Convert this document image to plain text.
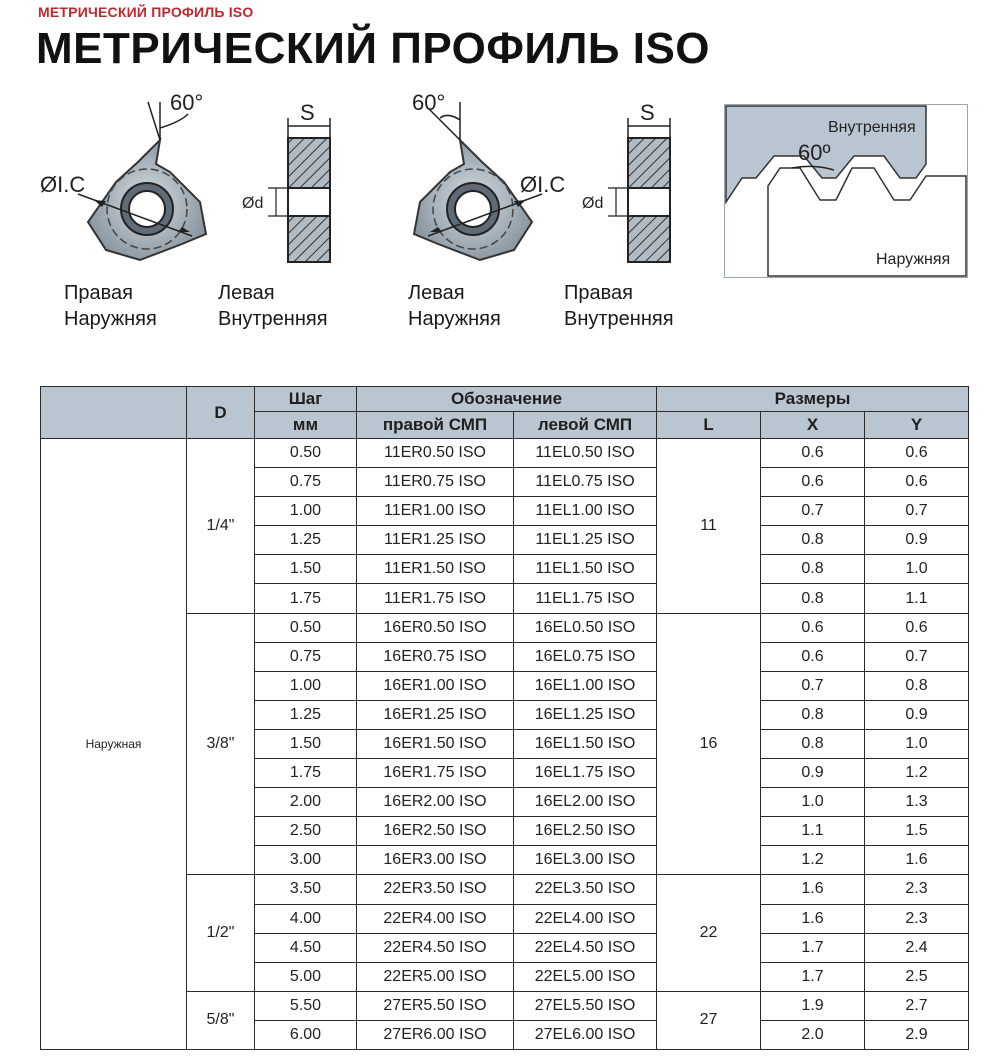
МЕТРИЧЕСКИЙ ПРОФИЛЬ ISO
МЕТРИЧЕСКИЙ ПРОФИЛЬ ISO
60°
ØI.C
S
Ød
60°
ØI.C
S
Ød
Внутренняя
60º
Наружняя
Правая
Наружняя
Левая
Внутренняя
Левая
Наружняя
Правая
Внутренняя
	D	Шаг	Обозначение		Размеры		
		мм	правой СМП	левой СМП	L	X	Y
Наружная	1/4"	0.50	11ER0.50 ISO	11EL0.50 ISO	11	0.6	0.6
		0.75	11ER0.75 ISO	11EL0.75 ISO		0.6	0.6
		1.00	11ER1.00 ISO	11EL1.00 ISO		0.7	0.7
		1.25	11ER1.25 ISO	11EL1.25 ISO		0.8	0.9
		1.50	11ER1.50 ISO	11EL1.50 ISO		0.8	1.0
		1.75	11ER1.75 ISO	11EL1.75 ISO		0.8	1.1
	3/8"	0.50	16ER0.50 ISO	16EL0.50 ISO	16	0.6	0.6
		0.75	16ER0.75 ISO	16EL0.75 ISO		0.6	0.7
		1.00	16ER1.00 ISO	16EL1.00 ISO		0.7	0.8
		1.25	16ER1.25 ISO	16EL1.25 ISO		0.8	0.9
		1.50	16ER1.50 ISO	16EL1.50 ISO		0.8	1.0
		1.75	16ER1.75 ISO	16EL1.75 ISO		0.9	1.2
		2.00	16ER2.00 ISO	16EL2.00 ISO		1.0	1.3
		2.50	16ER2.50 ISO	16EL2.50 ISO		1.1	1.5
		3.00	16ER3.00 ISO	16EL3.00 ISO		1.2	1.6
	1/2"	3.50	22ER3.50 ISO	22EL3.50 ISO	22	1.6	2.3
		4.00	22ER4.00 ISO	22EL4.00 ISO		1.6	2.3
		4.50	22ER4.50 ISO	22EL4.50 ISO		1.7	2.4
		5.00	22ER5.00 ISO	22EL5.00 ISO		1.7	2.5
	5/8"	5.50	27ER5.50 ISO	27EL5.50 ISO	27	1.9	2.7
		6.00	27ER6.00 ISO	27EL6.00 ISO		2.0	2.9
